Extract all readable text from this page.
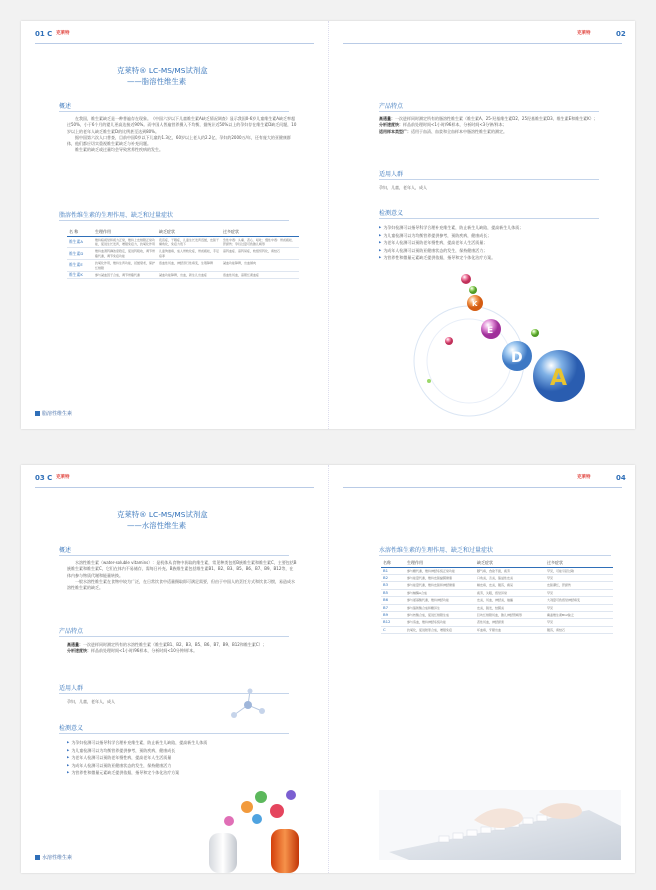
01 C 克莱特
克莱特® LC-MS/MS试剂盒
——脂溶性维生素
概述

在我国，维生素缺乏是一种普遍存在现象。《中国六岁以下儿童维生素A缺乏情况调查》显示我国0-6岁儿童维生素A缺乏率超过50%，小于6个月的婴儿更高达接近90%。而中国人普遍营养摄入不均衡，据统计近50%以上的孕妇存在维生素D缺乏问题，10岁以上的老年人缺乏维生素D的比例甚至达到80%。

据中国第六次人口普查，目前中国0岁以下儿童约1.3亿，60岁以上老人约2.2亿，孕妇约2000万/年，还有庞大的亚健康群体，他们都应切实重视维生素缺乏与补充问题。

维生素的缺乏或过量均会导致营养性疾病的发生。

脂溶性维生素的生理作用、缺乏和过量症状
名 称	生理作用	缺乏症状	过多症状
维生素A	维持暗视觉和视力正常，维持上皮细胞正常功能，促进生长发育，增强免疫力，抗氧化作用	夜盲症，干眼症，儿童生长发育迟缓，皮肤干燥角化，免疫力低下	急性中毒：头痛、恶心、呕吐；慢性中毒：骨质疏松、肝损伤；孕妇过量可致胎儿畸形
维生素D	维持血清钙磷浓度稳定，促进钙吸收，调节骨骼代谢，调节免疫功能	儿童佝偻病，成人骨软化症，骨质疏松，手足痉挛	高钙血症、高钙尿症，软组织钙化，肾结石
维生素E	抗氧化作用，维持生育功能，延缓衰老，保护红细胞	溶血性贫血，神经退行性病变，生殖障碍	凝血功能障碍，出血倾向
维生素K	参与凝血因子合成，调节骨骼代谢	凝血功能障碍，出血，新生儿出血症	溶血性贫血，高胆红素血症
脂溶性维生素
克莱特	02
产品特点
高通量：一次进样同时测定所有的脂溶性维生素（维生素A、25-羟基维生素D2、25羟基维生素D3、维生素E和维生素K）；
分析速度快：样品前处理时间<1小时/96样本，分析时间<3分钟/样本；
适用样本类型广：适用于血清、血浆和全血样本中脂溶性维生素的测定。
适用人群
孕妇，儿童，老年人，成人
检测意义
▶ 为孕妇检测可以指导科学合理补充维生素，防止新生儿缺陷，提高新生儿体质；
▶ 为儿童检测可以为均衡营养提供参考，预防疾病，健康成长；
▶ 为老年人检测可以预防老年慢性病，提高老年人生活质量；
▶ 为成年人检测可以预防亚健康状态的发生，保持健康活力；
▶ 为营养性和微量元素缺乏提供依据，指导和定个体化治疗方案。
A
D
E
K
03 C 克莱特
克莱特® LC-MS/MS试剂盒
——水溶性维生素
概述

水溶性维生素（water-soluble vitamins）：是机体从食物中获取的维生素，常见种类包括B族维生素和维生素C，主要包括B族维生素和维生素C，它们在体内不易储存，需每日补充。B族维生素包括维生素B1、B2、B3、B5、B6、B7、B9、B12等，在体内参与物质代谢和能量转换。

一般水溶性维生素在食物中较为广泛，在日常饮食中适量摄取即可满足需要，但由于中国人的烹饪方式和饮食习惯，易造成水溶性维生素的缺乏。

产品特点
高通量：一次进样同时测定所有的水溶性维生素（维生素B1、B2、B3、B5、B6、B7、B9、B12和维生素C）；
分析速度快：样品前处理时间<1小时/96样本，分析时间<10分钟/样本。
适用人群
孕妇，儿童，老年人，成人
检测意义
▶ 为孕妇检测可以指导科学合理补充维生素，防止新生儿缺陷，提高新生儿体质
▶ 为儿童检测可以为均衡营养提供参考，预防疾病，健康成长
▶ 为老年人检测可以预防老年慢性病，提高老年人生活质量
▶ 为成年人检测可以预防亚健康状态的发生，保持健康活力
▶ 为营养性和微量元素缺乏提供依据，指导和定个体化治疗方案
水溶性维生素
克莱特	04
水溶性维生素的生理作用、缺乏和过量症状
名称	生理作用	缺乏症状	过多症状
B1	参与糖代谢，维持神经系统正常功能	脚气病，食欲不振，疲劳	罕见，可能引起过敏
B2	参与能量代谢，维持皮肤黏膜健康	口角炎，舌炎，脂溢性皮炎	罕见
B3	参与能量代谢，维持皮肤和神经健康	糙皮病，皮炎，腹泻，痴呆	皮肤潮红，肝损伤
B5	参与辅酶A合成	疲劳，失眠，感觉异常	罕见
B6	参与氨基酸代谢，维持神经功能	皮炎，贫血，神经炎，抽搐	大剂量可致感觉神经病变
B7	参与脂肪酸合成和糖异生	皮炎，脱发，结膜炎	罕见
B9	参与核酸合成，促进红细胞生成	巨幼红细胞贫血，胎儿神经管畸形	掩盖维生素B12缺乏
B12	参与造血，维持神经系统功能	恶性贫血，神经损害	罕见
C	抗氧化，促进胶原合成，增强免疫	坏血病，牙龈出血	腹泻，肾结石
